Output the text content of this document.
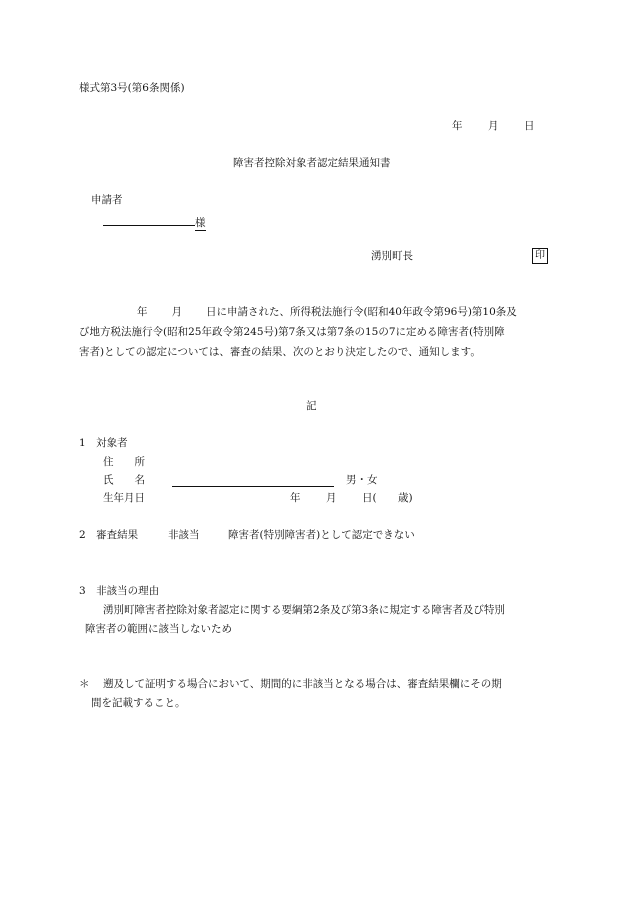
様式第3号(第6条関係)
年 月 日
障害者控除対象者認定結果通知書
申請者
様
湧別町長	印
年 月 日に申請された、所得税法施行令(昭和40年政令第96号)第10条及
び地方税法施行令(昭和25年政令第245号)第7条又は第7条の15の7に定める障害者(特別障
害者)としての認定については、審査の結果、次のとおり決定したので、通知します。
記
1　対象者
住　　所
氏　　名	男・女
生年月日	年 月 日( 歳)
2　審査結果	非該当	障害者(特別障害者)として認定できない
3　非該当の理由
湧別町障害者控除対象者認定に関する要綱第2条及び第3条に規定する障害者及び特別
障害者の範囲に該当しないため
＊ 遡及して証明する場合において、期間的に非該当となる場合は、審査結果欄にその期
間を記載すること。
